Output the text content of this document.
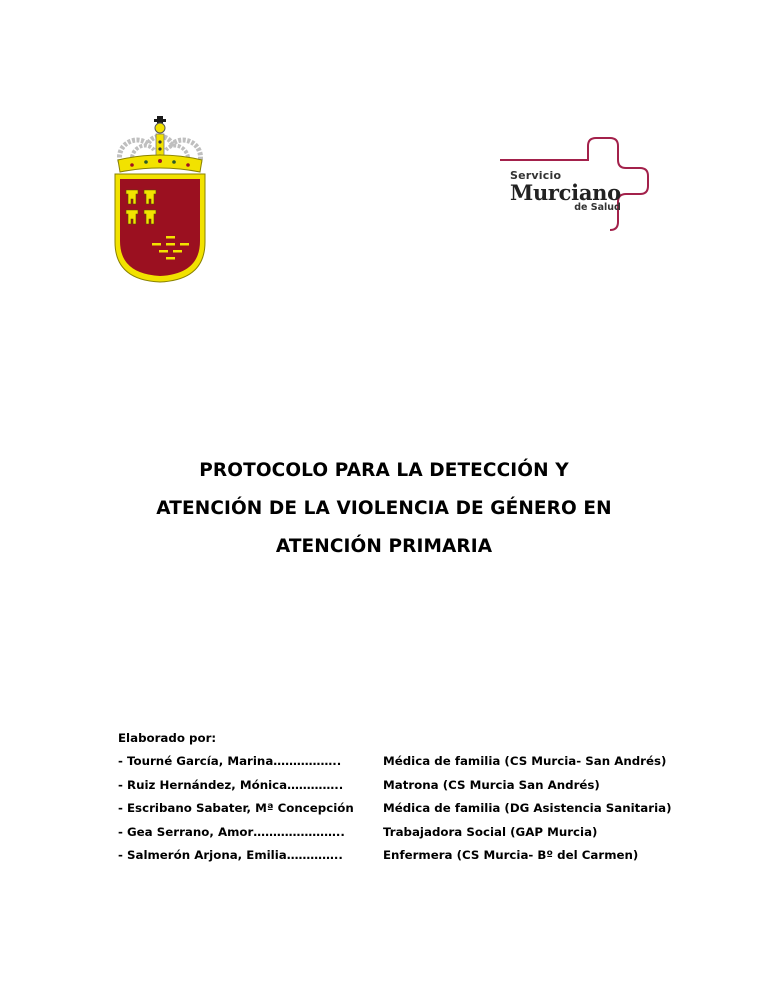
Servicio
Murciano
de Salud
PROTOCOLO PARA LA DETECCIÓN Y
ATENCIÓN DE LA VIOLENCIA DE GÉNERO EN
ATENCIÓN PRIMARIA
Elaborado por:
- Tourné García, Marina……………..	Médica de familia (CS Murcia- San Andrés)
- Ruiz Hernández, Mónica…………..	Matrona (CS Murcia San Andrés)
- Escribano Sabater, Mª Concepción	Médica de familia (DG Asistencia Sanitaria)
- Gea Serrano, Amor…………………..	Trabajadora Social (GAP Murcia)
- Salmerón Arjona, Emilia…………..	Enfermera (CS Murcia- Bº del Carmen)
